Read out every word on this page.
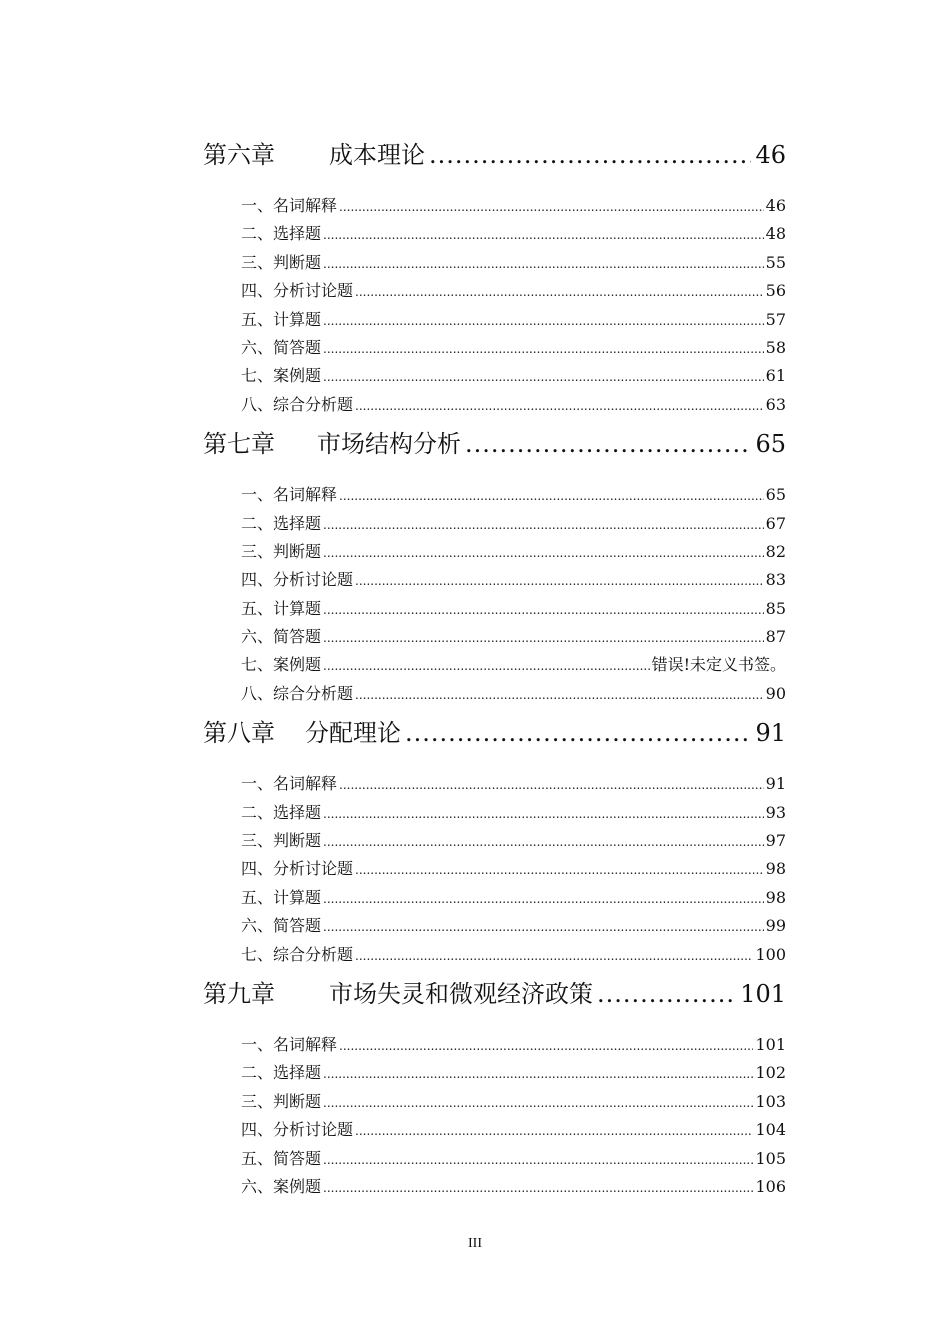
第六章 成本理论 .....	46
一、名词解释 .....	46
二、选择题 .....	48
三、判断题 .....	55
四、分析讨论题 .....	56
五、计算题 .....	57
六、简答题 .....	58
七、案例题 .....	61
八、综合分析题 .....	63
第七章 市场结构分析 .....	65
一、名词解释 .....	65
二、选择题 .....	67
三、判断题 .....	82
四、分析讨论题 .....	83
五、计算题 .....	85
六、简答题 .....	87
七、案例题 .....	错误!未定义书签。
八、综合分析题 .....	90
第八章 分配理论 .....	91
一、名词解释 .....	91
二、选择题 .....	93
三、判断题 .....	97
四、分析讨论题 .....	98
五、计算题 .....	98
六、简答题 .....	99
七、综合分析题 .....	100
第九章 市场失灵和微观经济政策 .....	101
一、名词解释 .....	101
二、选择题 .....	102
三、判断题 .....	103
四、分析讨论题 .....	104
五、简答题 .....	105
六、案例题 .....	106
III
